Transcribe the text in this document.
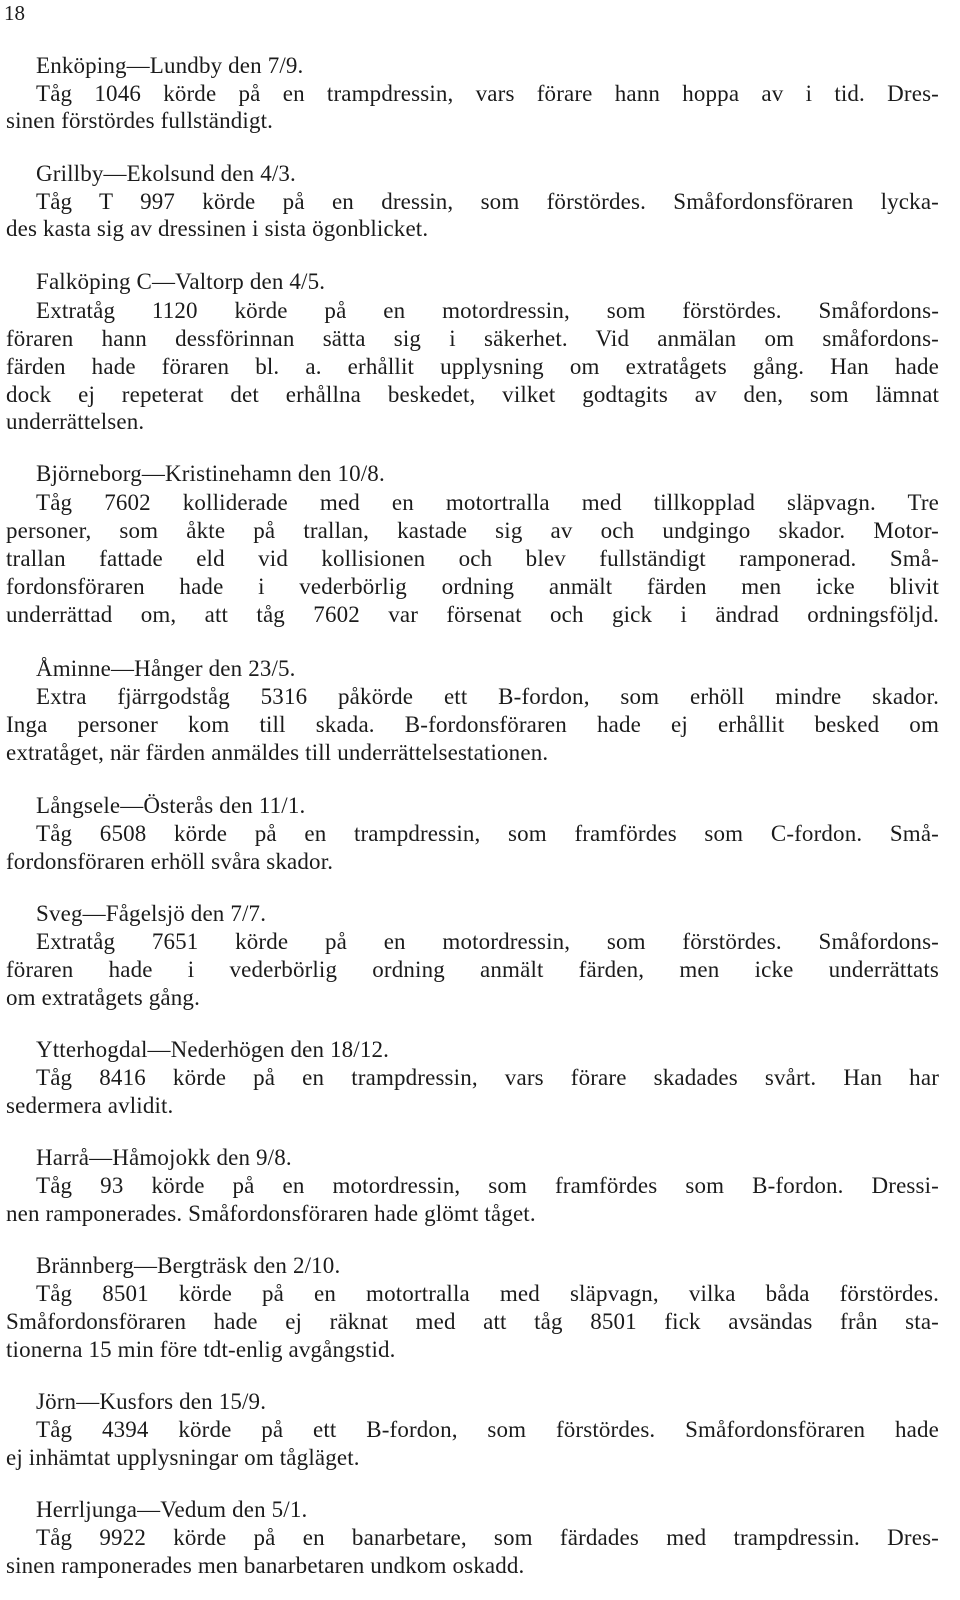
18
Enköping—Lundby den 7/9.
Tåg 1046 körde på en trampdressin, vars förare hann hoppa av i tid. Dres-
sinen förstördes fullständigt.
Grillby—Ekolsund den 4/3.
Tåg T 997 körde på en dressin, som förstördes. Småfordonsföraren lycka-
des kasta sig av dressinen i sista ögonblicket.
Falköping C—Valtorp den 4/5.
Extratåg 1120 körde på en motordressin, som förstördes. Småfordons-
föraren hann dessförinnan sätta sig i säkerhet. Vid anmälan om småfordons-
färden hade föraren bl. a. erhållit upplysning om extratågets gång. Han hade
dock ej repeterat det erhållna beskedet, vilket godtagits av den, som lämnat
underrättelsen.
Björneborg—Kristinehamn den 10/8.
Tåg 7602 kolliderade med en motortralla med tillkopplad släpvagn. Tre
personer, som åkte på trallan, kastade sig av och undgingo skador. Motor-
trallan fattade eld vid kollisionen och blev fullständigt ramponerad. Små-
fordonsföraren hade i vederbörlig ordning anmält färden men icke blivit
underrättad om, att tåg 7602 var försenat och gick i ändrad ordningsföljd.
Åminne—Hånger den 23/5.
Extra fjärrgodståg 5316 påkörde ett B-fordon, som erhöll mindre skador.
Inga personer kom till skada. B-fordonsföraren hade ej erhållit besked om
extratåget, när färden anmäldes till underrättelsestationen.
Långsele—Österås den 11/1.
Tåg 6508 körde på en trampdressin, som framfördes som C-fordon. Små-
fordonsföraren erhöll svåra skador.
Sveg—Fågelsjö den 7/7.
Extratåg 7651 körde på en motordressin, som förstördes. Småfordons-
föraren hade i vederbörlig ordning anmält färden, men icke underrättats
om extratågets gång.
Ytterhogdal—Nederhögen den 18/12.
Tåg 8416 körde på en trampdressin, vars förare skadades svårt. Han har
sedermera avlidit.
Harrå—Håmojokk den 9/8.
Tåg 93 körde på en motordressin, som framfördes som B-fordon. Dressi-
nen ramponerades. Småfordonsföraren hade glömt tåget.
Brännberg—Bergträsk den 2/10.
Tåg 8501 körde på en motortralla med släpvagn, vilka båda förstördes.
Småfordonsföraren hade ej räknat med att tåg 8501 fick avsändas från sta-
tionerna 15 min före tdt-enlig avgångstid.
Jörn—Kusfors den 15/9.
Tåg 4394 körde på ett B-fordon, som förstördes. Småfordonsföraren hade
ej inhämtat upplysningar om tågläget.
Herrljunga—Vedum den 5/1.
Tåg 9922 körde på en banarbetare, som färdades med trampdressin. Dres-
sinen ramponerades men banarbetaren undkom oskadd.
